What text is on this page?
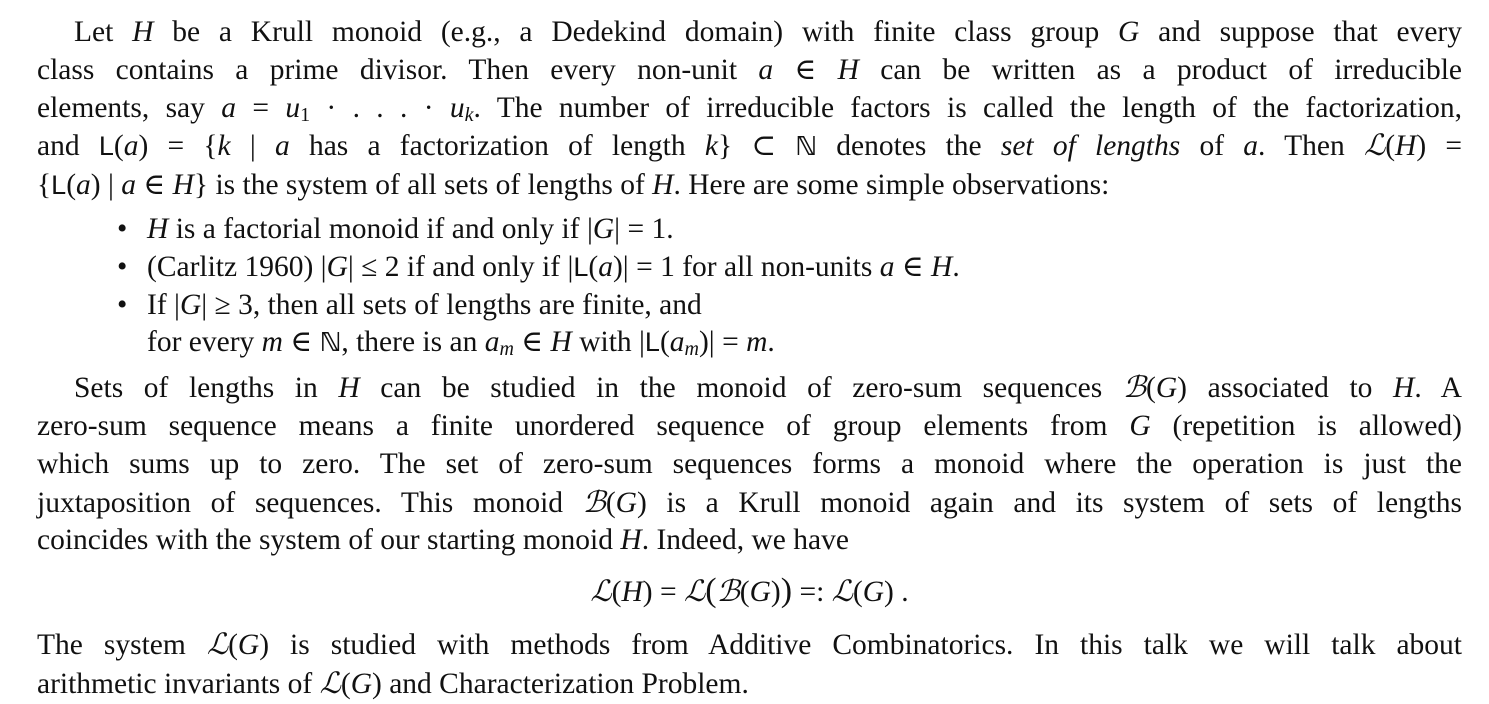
Let H be a Krull monoid (e.g., a Dedekind domain) with finite class group G and suppose that every
class contains a prime divisor. Then every non-unit a ∈ H can be written as a product of irreducible
elements, say $a = u_1$ · . . . · $u_k$. The number of irreducible factors is called the length of the factorization,
and L(a) = {k | a has a factorization of length k} ⊂ ℕ denotes the set of lengths of a. Then ℒ(H) =
{L(a) | a ∈ H} is the system of all sets of lengths of H. Here are some simple observations:

• H is a factorial monoid if and only if |G| = 1.
• (Carlitz 1960) |G| ≤ 2 if and only if |L(a)| = 1 for all non-units a ∈ H.
• If |G| ≥ 3, then all sets of lengths are finite, and
for every m ∈ ℕ, there is an $a_m$ ∈ H with $|L(a_m)| = m$.

Sets of lengths in H can be studied in the monoid of zero-sum sequences ℬ(G) associated to H. A
zero-sum sequence means a finite unordered sequence of group elements from G (repetition is allowed)
which sums up to zero. The set of zero-sum sequences forms a monoid where the operation is just the
juxtaposition of sequences. This monoid ℬ(G) is a Krull monoid again and its system of sets of lengths
coincides with the system of our starting monoid H. Indeed, we have

ℒ(H) = ℒ(ℬ(G)) =: ℒ(G) .

The system ℒ(G) is studied with methods from Additive Combinatorics. In this talk we will talk about
arithmetic invariants of ℒ(G) and Characterization Problem.
